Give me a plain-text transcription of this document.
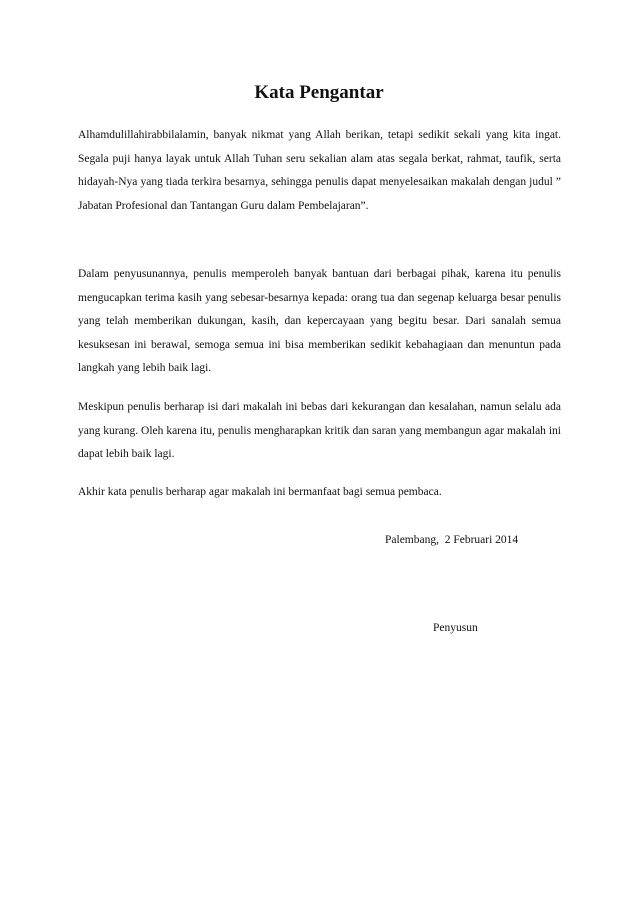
Kata Pengantar

Alhamdulillahirabbilalamin, banyak nikmat yang Allah berikan, tetapi sedikit sekali yang kita ingat. Segala puji hanya layak untuk Allah Tuhan seru sekalian alam atas segala berkat, rahmat, taufik, serta hidayah-Nya yang tiada terkira besarnya, sehingga penulis dapat menyelesaikan makalah dengan judul ” Jabatan Profesional dan Tantangan Guru dalam Pembelajaran”.

Dalam penyusunannya, penulis memperoleh banyak bantuan dari berbagai pihak, karena itu penulis mengucapkan terima kasih yang sebesar-besarnya kepada: orang tua dan segenap keluarga besar penulis yang telah memberikan dukungan, kasih, dan kepercayaan yang begitu besar. Dari sanalah semua kesuksesan ini berawal, semoga semua ini bisa memberikan sedikit kebahagiaan dan menuntun pada langkah yang lebih baik lagi.

Meskipun penulis berharap isi dari makalah ini bebas dari kekurangan dan kesalahan, namun selalu ada yang kurang. Oleh karena itu, penulis mengharapkan kritik dan saran yang membangun agar makalah ini dapat lebih baik lagi.

Akhir kata penulis berharap agar makalah ini bermanfaat bagi semua pembaca.

Palembang,  2 Februari 2014

Penyusun
